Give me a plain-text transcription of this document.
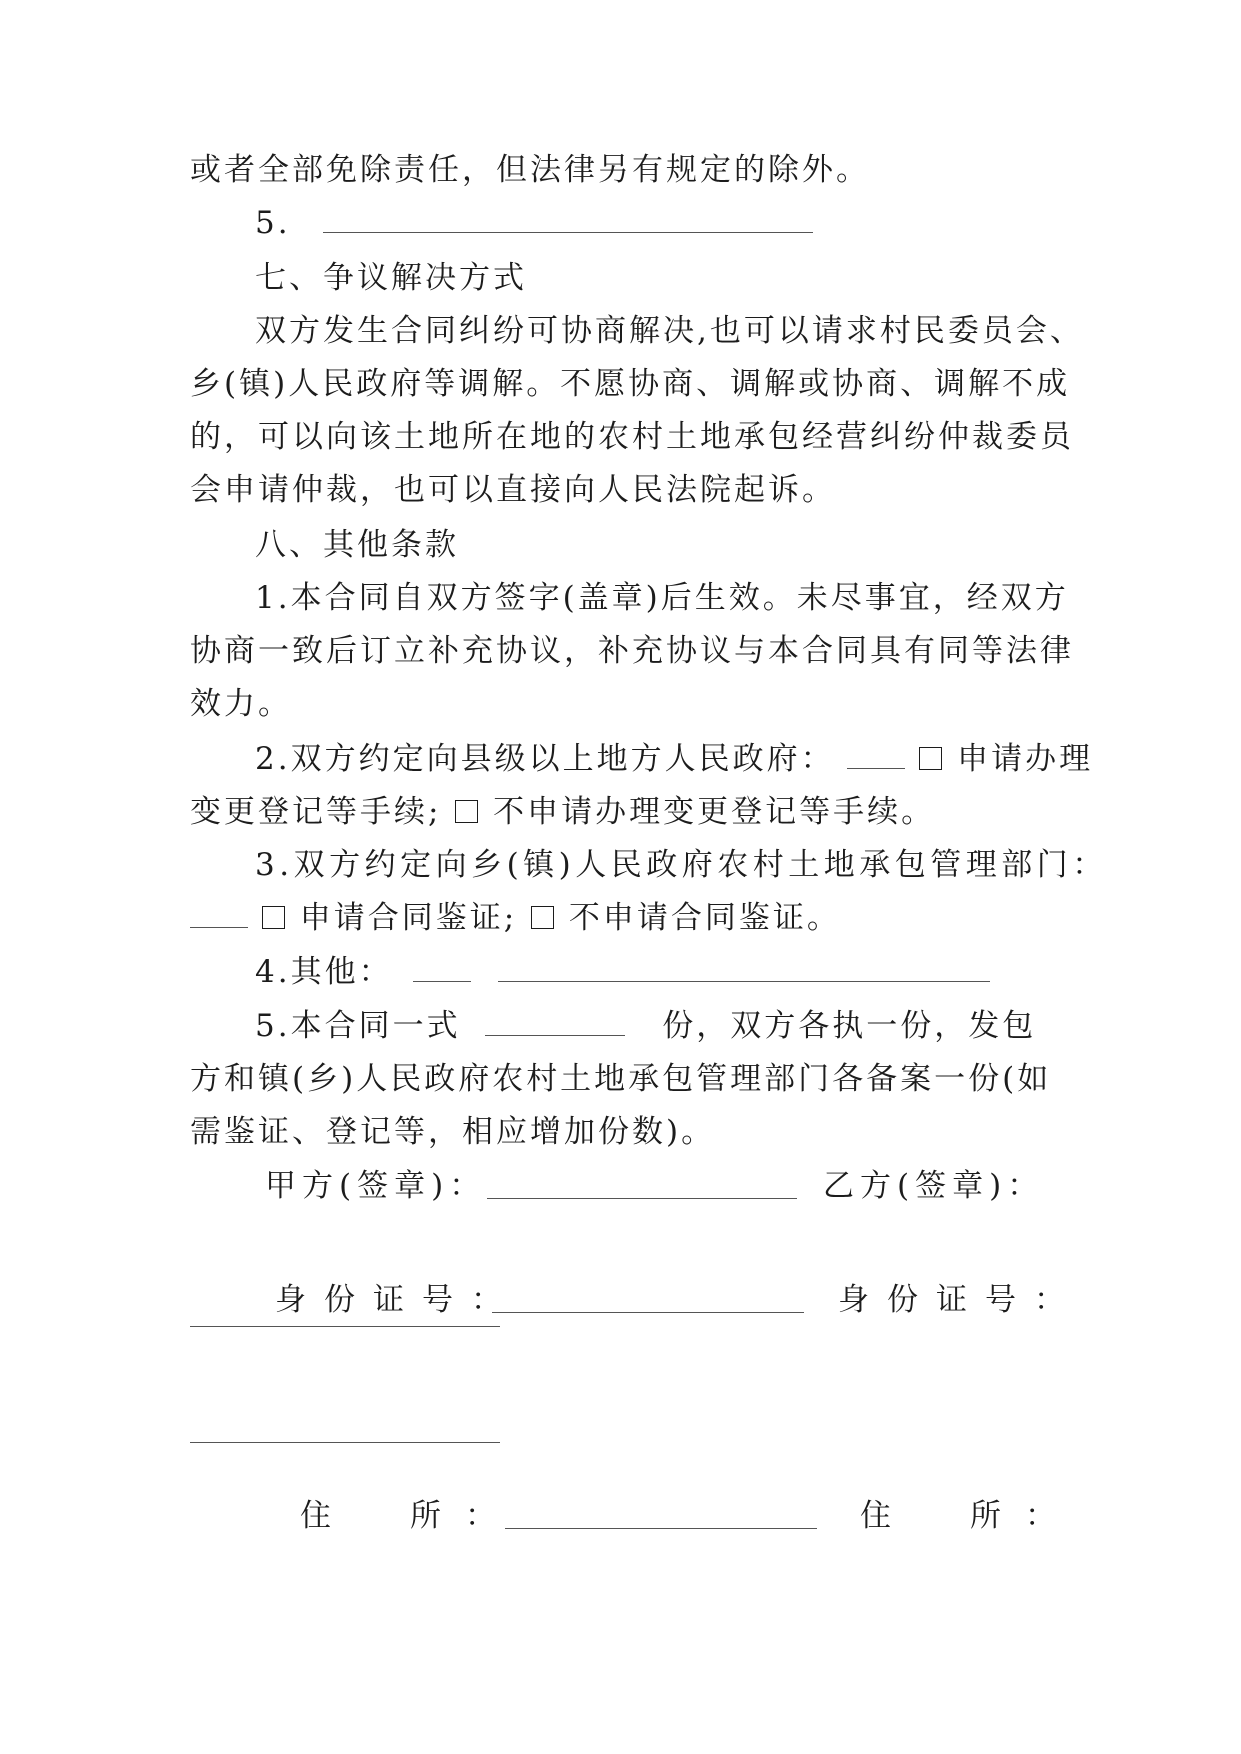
或者全部免除责任，但法律另有规定的除外。
5.
七、争议解决方式
双方发生合同纠纷可协商解决,也可以请求村民委员会、
乡(镇)人民政府等调解。不愿协商、调解或协商、调解不成
的，可以向该土地所在地的农村土地承包经营纠纷仲裁委员
会申请仲裁，也可以直接向人民法院起诉。
八、其他条款
1.本合同自双方签字(盖章)后生效。未尽事宜，经双方
协商一致后订立补充协议，补充协议与本合同具有同等法律
效力。
2.双方约定向县级以上地方人民政府：	申请办理
变更登记等手续; 不申请办理变更登记等手续。
3.双方约定向乡(镇)人民政府农村土地承包管理部门：
申请合同鉴证; 不申请合同鉴证。
4.其他：
5.本合同一式	份，双方各执一份，发包
方和镇(乡)人民政府农村土地承包管理部门各备案一份(如
需鉴证、登记等，相应增加份数)。
甲方(签章)：	乙方(签章)：
身份证号：	身份证号：
住　所：	住　所：
